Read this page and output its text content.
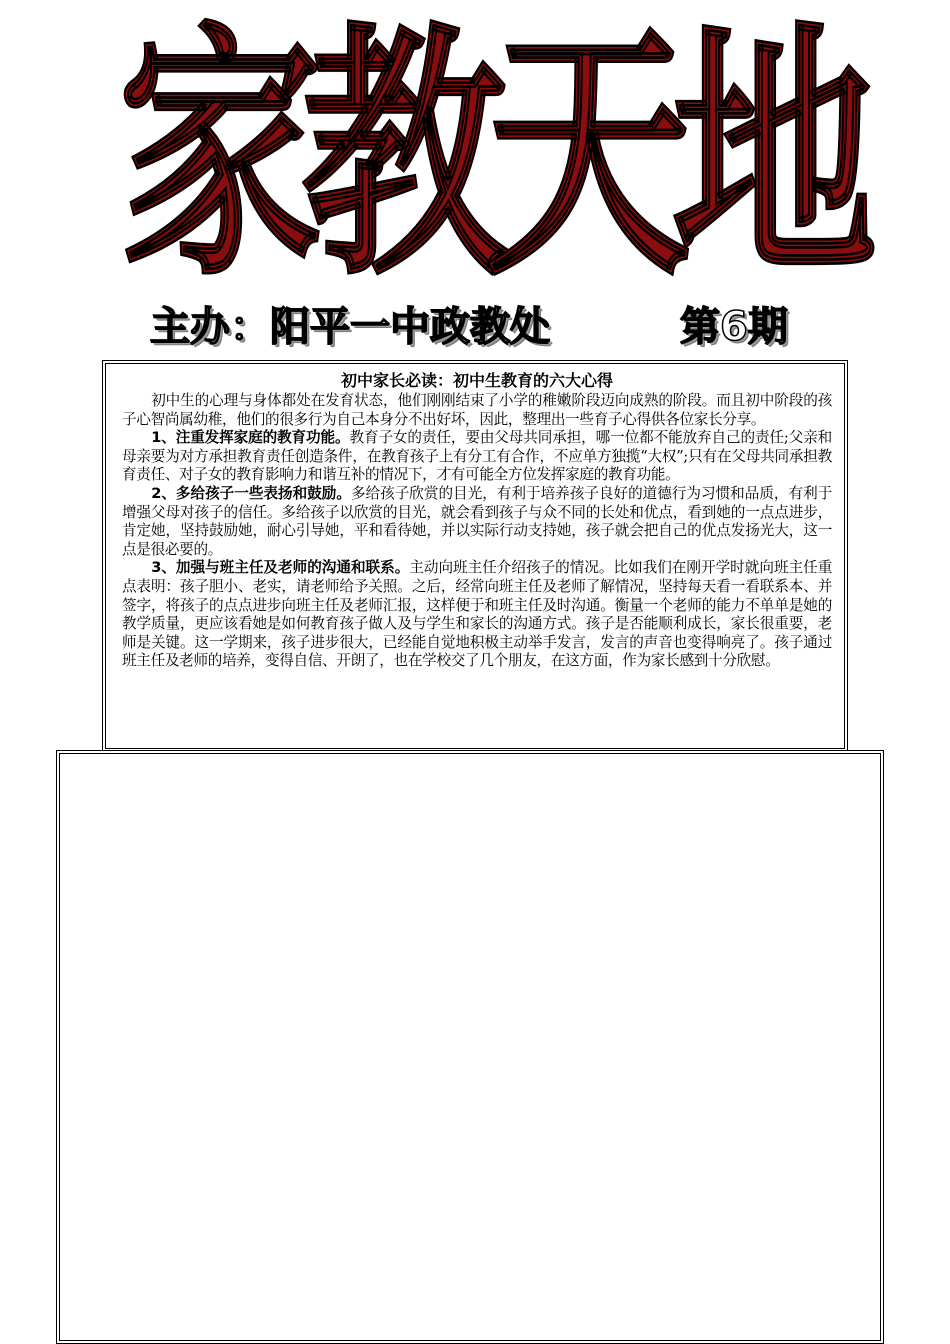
家
教
天
地
主办：阳平一中政教处	第6期
初中家长必读：初中生教育的六大心得

初中生的心理与身体都处在发育状态，他们刚刚结束了小学的稚嫩阶段迈向成熟的阶段。而且初中阶段的孩子心智尚属幼稚，他们的很多行为自己本身分不出好坏，因此，整理出一些育子心得供各位家长分享。

1、注重发挥家庭的教育功能。教育子女的责任，要由父母共同承担，哪一位都不能放弃自己的责任;父亲和母亲要为对方承担教育责任创造条件，在教育孩子上有分工有合作，不应单方独揽“大权”;只有在父母共同承担教育责任、对子女的教育影响力和谐互补的情况下，才有可能全方位发挥家庭的教育功能。

2、多给孩子一些表扬和鼓励。多给孩子欣赏的目光，有利于培养孩子良好的道德行为习惯和品质，有利于增强父母对孩子的信任。多给孩子以欣赏的目光，就会看到孩子与众不同的长处和优点，看到她的一点点进步，肯定她，坚持鼓励她，耐心引导她，平和看待她，并以实际行动支持她，孩子就会把自己的优点发扬光大，这一点是很必要的。

3、加强与班主任及老师的沟通和联系。主动向班主任介绍孩子的情况。比如我们在刚开学时就向班主任重点表明：孩子胆小、老实，请老师给予关照。之后，经常向班主任及老师了解情况，坚持每天看一看联系本、并签字，将孩子的点点进步向班主任及老师汇报，这样便于和班主任及时沟通。衡量一个老师的能力不单单是她的教学质量，更应该看她是如何教育孩子做人及与学生和家长的沟通方式。孩子是否能顺利成长，家长很重要，老师是关键。这一学期来，孩子进步很大，已经能自觉地积极主动举手发言，发言的声音也变得响亮了。孩子通过班主任及老师的培养，变得自信、开朗了，也在学校交了几个朋友，在这方面，作为家长感到十分欣慰。
